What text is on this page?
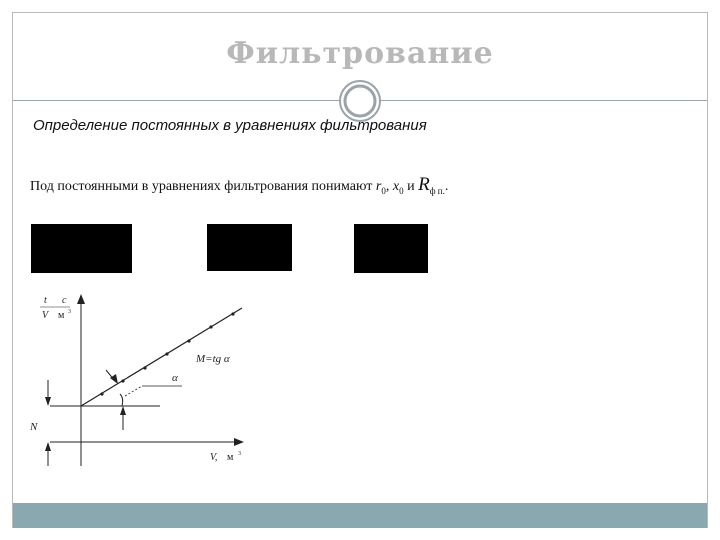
Фильтрование
Определение постоянных в уравнениях фильтрования
Под постоянными в уравнениях фильтрования понимают $r_0$, $x_0$ и $R_{ф п.}$.
N
M=tg α
α
t c
V м 3
V, м 3
